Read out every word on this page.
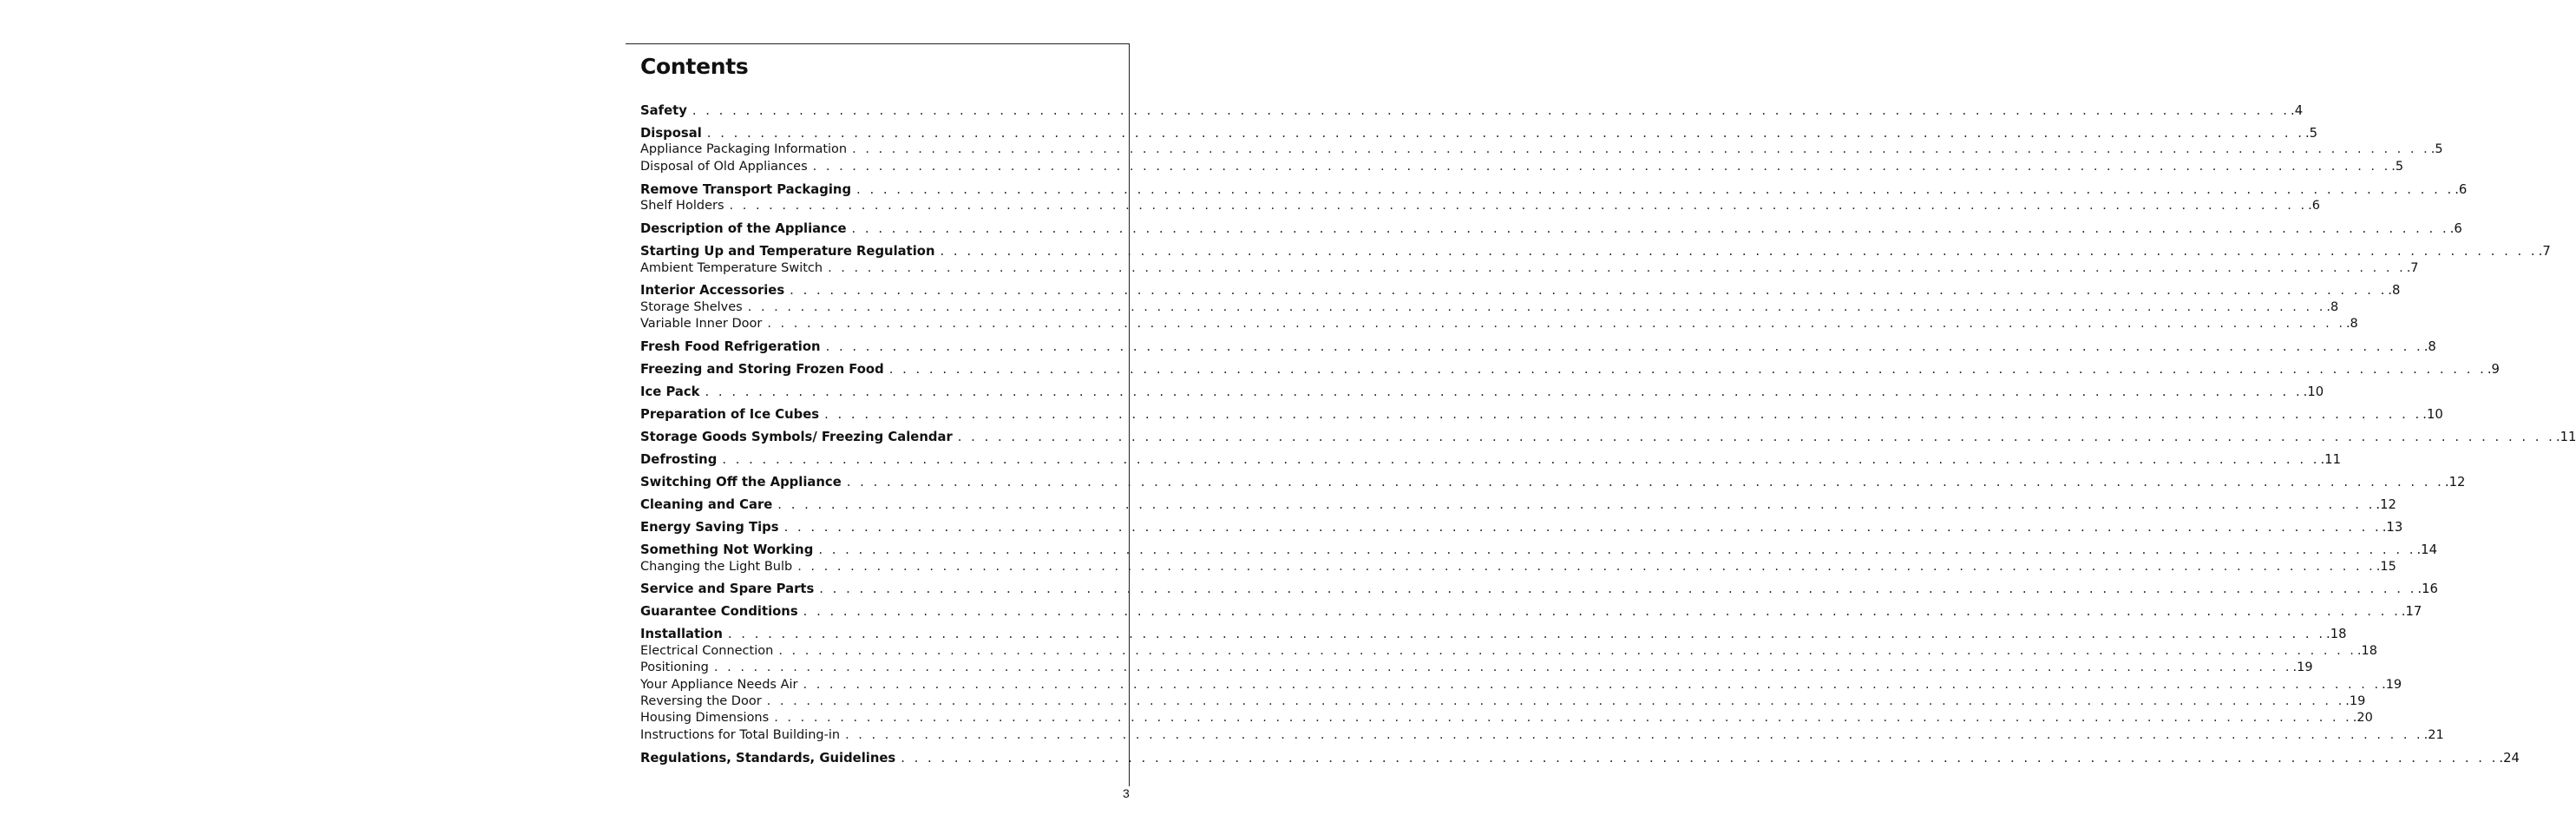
Contents
Safety . . . . . . . . . . . . . . . . . . . . . . . . . . . . . . . . . . . . . . . . . . . . . . . . . . . . . . . . . . . . . . . . . . . . . . . . . . . . . . . . . . . . . . . . . . . . . . . . . . . . . . . . . . . . . . . . . . . . . . . . .4
Disposal . . . . . . . . . . . . . . . . . . . . . . . . . . . . . . . . . . . . . . . . . . . . . . . . . . . . . . . . . . . . . . . . . . . . . . . . . . . . . . . . . . . . . . . . . . . . . . . . . . . . . . . . . . . . . . . . . . . . . . . . .5
Appliance Packaging Information . . . . . . . . . . . . . . . . . . . . . . . . . . . . . . . . . . . . . . . . . . . . . . . . . . . . . . . . . . . . . . . . . . . . . . . . . . . . . . . . . . . . . . . . . . . . . . . . . . . . . . . . . . . . . . . . . . . . . . . . .5
Disposal of Old Appliances . . . . . . . . . . . . . . . . . . . . . . . . . . . . . . . . . . . . . . . . . . . . . . . . . . . . . . . . . . . . . . . . . . . . . . . . . . . . . . . . . . . . . . . . . . . . . . . . . . . . . . . . . . . . . . . . . . . . . . . . .5
Remove Transport Packaging . . . . . . . . . . . . . . . . . . . . . . . . . . . . . . . . . . . . . . . . . . . . . . . . . . . . . . . . . . . . . . . . . . . . . . . . . . . . . . . . . . . . . . . . . . . . . . . . . . . . . . . . . . . . . . . . . . . . . . . . .6
Shelf Holders . . . . . . . . . . . . . . . . . . . . . . . . . . . . . . . . . . . . . . . . . . . . . . . . . . . . . . . . . . . . . . . . . . . . . . . . . . . . . . . . . . . . . . . . . . . . . . . . . . . . . . . . . . . . . . . . . . . . . . . . .6
Description of the Appliance . . . . . . . . . . . . . . . . . . . . . . . . . . . . . . . . . . . . . . . . . . . . . . . . . . . . . . . . . . . . . . . . . . . . . . . . . . . . . . . . . . . . . . . . . . . . . . . . . . . . . . . . . . . . . . . . . . . . . . . . .6
Starting Up and Temperature Regulation . . . . . . . . . . . . . . . . . . . . . . . . . . . . . . . . . . . . . . . . . . . . . . . . . . . . . . . . . . . . . . . . . . . . . . . . . . . . . . . . . . . . . . . . . . . . . . . . . . . . . . . . . . . . . . . . . . . . . . . . .7
Ambient Temperature Switch . . . . . . . . . . . . . . . . . . . . . . . . . . . . . . . . . . . . . . . . . . . . . . . . . . . . . . . . . . . . . . . . . . . . . . . . . . . . . . . . . . . . . . . . . . . . . . . . . . . . . . . . . . . . . . . . . . . . . . . . .7
Interior Accessories . . . . . . . . . . . . . . . . . . . . . . . . . . . . . . . . . . . . . . . . . . . . . . . . . . . . . . . . . . . . . . . . . . . . . . . . . . . . . . . . . . . . . . . . . . . . . . . . . . . . . . . . . . . . . . . . . . . . . . . . .8
Storage Shelves . . . . . . . . . . . . . . . . . . . . . . . . . . . . . . . . . . . . . . . . . . . . . . . . . . . . . . . . . . . . . . . . . . . . . . . . . . . . . . . . . . . . . . . . . . . . . . . . . . . . . . . . . . . . . . . . . . . . . . . . .8
Variable Inner Door . . . . . . . . . . . . . . . . . . . . . . . . . . . . . . . . . . . . . . . . . . . . . . . . . . . . . . . . . . . . . . . . . . . . . . . . . . . . . . . . . . . . . . . . . . . . . . . . . . . . . . . . . . . . . . . . . . . . . . . . .8
Fresh Food Refrigeration . . . . . . . . . . . . . . . . . . . . . . . . . . . . . . . . . . . . . . . . . . . . . . . . . . . . . . . . . . . . . . . . . . . . . . . . . . . . . . . . . . . . . . . . . . . . . . . . . . . . . . . . . . . . . . . . . . . . . . . . .8
Freezing and Storing Frozen Food . . . . . . . . . . . . . . . . . . . . . . . . . . . . . . . . . . . . . . . . . . . . . . . . . . . . . . . . . . . . . . . . . . . . . . . . . . . . . . . . . . . . . . . . . . . . . . . . . . . . . . . . . . . . . . . . . . . . . . . . .9
Ice Pack . . . . . . . . . . . . . . . . . . . . . . . . . . . . . . . . . . . . . . . . . . . . . . . . . . . . . . . . . . . . . . . . . . . . . . . . . . . . . . . . . . . . . . . . . . . . . . . . . . . . . . . . . . . . . . . . . . . . . . . . .10
Preparation of Ice Cubes . . . . . . . . . . . . . . . . . . . . . . . . . . . . . . . . . . . . . . . . . . . . . . . . . . . . . . . . . . . . . . . . . . . . . . . . . . . . . . . . . . . . . . . . . . . . . . . . . . . . . . . . . . . . . . . . . . . . . . . . .10
Storage Goods Symbols/ Freezing Calendar . . . . . . . . . . . . . . . . . . . . . . . . . . . . . . . . . . . . . . . . . . . . . . . . . . . . . . . . . . . . . . . . . . . . . . . . . . . . . . . . . . . . . . . . . . . . . . . . . . . . . . . . . . . . . . . . . . . . . . . . .11
Defrosting . . . . . . . . . . . . . . . . . . . . . . . . . . . . . . . . . . . . . . . . . . . . . . . . . . . . . . . . . . . . . . . . . . . . . . . . . . . . . . . . . . . . . . . . . . . . . . . . . . . . . . . . . . . . . . . . . . . . . . . . .11
Switching Off the Appliance . . . . . . . . . . . . . . . . . . . . . . . . . . . . . . . . . . . . . . . . . . . . . . . . . . . . . . . . . . . . . . . . . . . . . . . . . . . . . . . . . . . . . . . . . . . . . . . . . . . . . . . . . . . . . . . . . . . . . . . . .12
Cleaning and Care . . . . . . . . . . . . . . . . . . . . . . . . . . . . . . . . . . . . . . . . . . . . . . . . . . . . . . . . . . . . . . . . . . . . . . . . . . . . . . . . . . . . . . . . . . . . . . . . . . . . . . . . . . . . . . . . . . . . . . . . .12
Energy Saving Tips . . . . . . . . . . . . . . . . . . . . . . . . . . . . . . . . . . . . . . . . . . . . . . . . . . . . . . . . . . . . . . . . . . . . . . . . . . . . . . . . . . . . . . . . . . . . . . . . . . . . . . . . . . . . . . . . . . . . . . . . .13
Something Not Working . . . . . . . . . . . . . . . . . . . . . . . . . . . . . . . . . . . . . . . . . . . . . . . . . . . . . . . . . . . . . . . . . . . . . . . . . . . . . . . . . . . . . . . . . . . . . . . . . . . . . . . . . . . . . . . . . . . . . . . . .14
Changing the Light Bulb . . . . . . . . . . . . . . . . . . . . . . . . . . . . . . . . . . . . . . . . . . . . . . . . . . . . . . . . . . . . . . . . . . . . . . . . . . . . . . . . . . . . . . . . . . . . . . . . . . . . . . . . . . . . . . . . . . . . . . . . .15
Service and Spare Parts . . . . . . . . . . . . . . . . . . . . . . . . . . . . . . . . . . . . . . . . . . . . . . . . . . . . . . . . . . . . . . . . . . . . . . . . . . . . . . . . . . . . . . . . . . . . . . . . . . . . . . . . . . . . . . . . . . . . . . . . .16
Guarantee Conditions . . . . . . . . . . . . . . . . . . . . . . . . . . . . . . . . . . . . . . . . . . . . . . . . . . . . . . . . . . . . . . . . . . . . . . . . . . . . . . . . . . . . . . . . . . . . . . . . . . . . . . . . . . . . . . . . . . . . . . . . .17
Installation . . . . . . . . . . . . . . . . . . . . . . . . . . . . . . . . . . . . . . . . . . . . . . . . . . . . . . . . . . . . . . . . . . . . . . . . . . . . . . . . . . . . . . . . . . . . . . . . . . . . . . . . . . . . . . . . . . . . . . . . .18
Electrical Connection . . . . . . . . . . . . . . . . . . . . . . . . . . . . . . . . . . . . . . . . . . . . . . . . . . . . . . . . . . . . . . . . . . . . . . . . . . . . . . . . . . . . . . . . . . . . . . . . . . . . . . . . . . . . . . . . . . . . . . . . .18
Positioning . . . . . . . . . . . . . . . . . . . . . . . . . . . . . . . . . . . . . . . . . . . . . . . . . . . . . . . . . . . . . . . . . . . . . . . . . . . . . . . . . . . . . . . . . . . . . . . . . . . . . . . . . . . . . . . . . . . . . . . . .19
Your Appliance Needs Air . . . . . . . . . . . . . . . . . . . . . . . . . . . . . . . . . . . . . . . . . . . . . . . . . . . . . . . . . . . . . . . . . . . . . . . . . . . . . . . . . . . . . . . . . . . . . . . . . . . . . . . . . . . . . . . . . . . . . . . . .19
Reversing the Door . . . . . . . . . . . . . . . . . . . . . . . . . . . . . . . . . . . . . . . . . . . . . . . . . . . . . . . . . . . . . . . . . . . . . . . . . . . . . . . . . . . . . . . . . . . . . . . . . . . . . . . . . . . . . . . . . . . . . . . . .19
Housing Dimensions . . . . . . . . . . . . . . . . . . . . . . . . . . . . . . . . . . . . . . . . . . . . . . . . . . . . . . . . . . . . . . . . . . . . . . . . . . . . . . . . . . . . . . . . . . . . . . . . . . . . . . . . . . . . . . . . . . . . . . . . .20
Instructions for Total Building-in . . . . . . . . . . . . . . . . . . . . . . . . . . . . . . . . . . . . . . . . . . . . . . . . . . . . . . . . . . . . . . . . . . . . . . . . . . . . . . . . . . . . . . . . . . . . . . . . . . . . . . . . . . . . . . . . . . . . . . . . .21
Regulations, Standards, Guidelines . . . . . . . . . . . . . . . . . . . . . . . . . . . . . . . . . . . . . . . . . . . . . . . . . . . . . . . . . . . . . . . . . . . . . . . . . . . . . . . . . . . . . . . . . . . . . . . . . . . . . . . . . . . . . . . . . . . . . . . . .24
3
